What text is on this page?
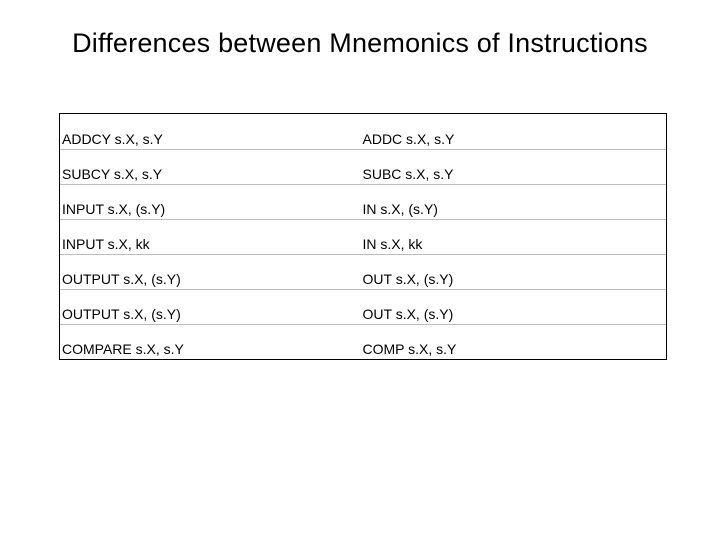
Differences between Mnemonics of Instructions
ADDCY s.X, s.Y	ADDC s.X, s.Y
SUBCY s.X, s.Y	SUBC s.X, s.Y
INPUT s.X, (s.Y)	IN s.X, (s.Y)
INPUT s.X, kk	IN s.X, kk
OUTPUT s.X, (s.Y)	OUT s.X, (s.Y)
OUTPUT s.X, (s.Y)	OUT s.X, (s.Y)
COMPARE s.X, s.Y	COMP s.X, s.Y
